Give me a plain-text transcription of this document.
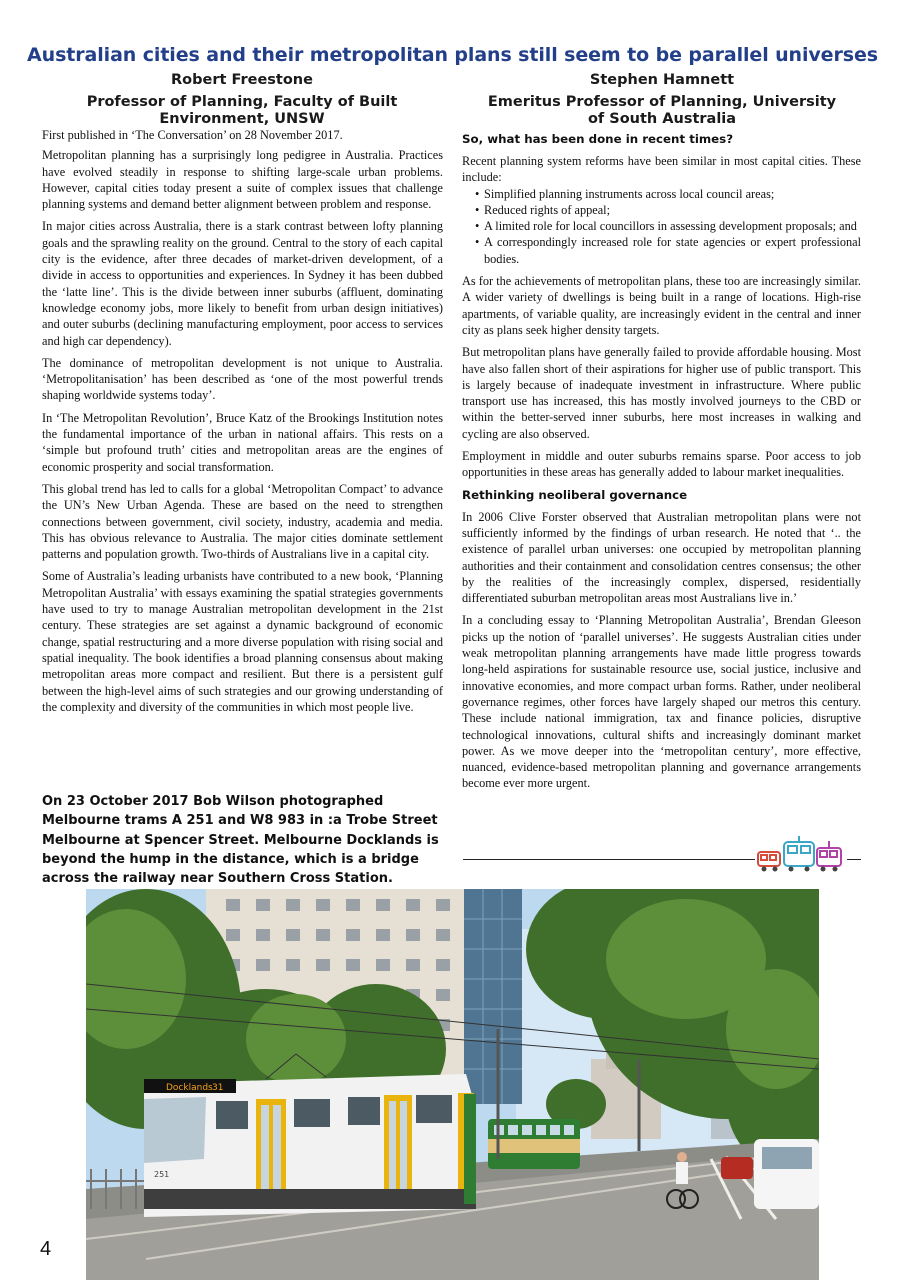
Australian cities and their metropolitan plans still seem to be parallel universes
Robert Freestone
Professor of Planning, Faculty of Built Environment, UNSW
Stephen Hamnett
Emeritus Professor of Planning, University of South Australia

First published in ‘The Conversation’ on 28 November 2017.

Metropolitan planning has a surprisingly long pedigree in Australia. Practices have evolved steadily in response to shifting large-scale urban problems. However, capital cities today present a suite of complex issues that challenge planning systems and demand better alignment between problem and response.

In major cities across Australia, there is a stark contrast between lofty planning goals and the sprawling reality on the ground. Central to the story of each capital city is the evidence, after three decades of market-driven development, of a divide in access to opportunities and experiences. In Sydney it has been dubbed the ‘latte line’. This is the divide between inner suburbs (affluent, dominating knowledge economy jobs, more likely to benefit from urban design initiatives) and outer suburbs (declining manufacturing employment, poor access to services and high car dependency).

The dominance of metropolitan development is not unique to Australia. ‘Metropolitanisation’ has been described as ‘one of the most powerful trends shaping worldwide systems today’.

In ‘The Metropolitan Revolution’, Bruce Katz of the Brookings Institution notes the fundamental importance of the urban in national affairs. This rests on a ‘simple but profound truth’ cities and metropolitan areas are the engines of economic prosperity and social transformation.

This global trend has led to calls for a global ‘Metropolitan Compact’ to advance the UN’s New Urban Agenda. These are based on the need to strengthen connections between government, civil society, industry, academia and media. This has obvious relevance to Australia. The major cities dominate settlement patterns and population growth. Two-thirds of Australians live in a capital city.

Some of Australia’s leading urbanists have contributed to a new book, ‘Planning Metropolitan Australia’ with essays examining the spatial strategies governments have used to try to manage Australian metropolitan development in the 21st century. These strategies are set against a dynamic background of economic change, spatial restructuring and a more diverse population with rising social and spatial inequality. The book identifies a broad planning consensus about making metropolitan areas more compact and resilient. But there is a persistent gulf between the high-level aims of such strategies and our growing understanding of the complexity and diversity of the communities in which most people live.

On 23 October 2017 Bob Wilson photographed Melbourne trams A 251 and W8 983 in :a Trobe Street Melbourne at Spencer Street. Melbourne Docklands is beyond the hump in the distance, which is a bridge across the railway near Southern Cross Station.

So, what has been done in recent times?

Recent planning system reforms have been similar in most capital cities. These include:

• Simplified planning instruments across local council areas;
• Reduced rights of appeal;
• A limited role for local councillors in assessing development proposals; and
• A correspondingly increased role for state agencies or expert professional bodies.

As for the achievements of metropolitan plans, these too are increasingly similar. A wider variety of dwellings is being built in a range of locations. High-rise apartments, of variable quality, are increasingly evident in the central and inner city as plans seek higher density targets.

But metropolitan plans have generally failed to provide affordable housing. Most have also fallen short of their aspirations for higher use of public transport. This is largely because of inadequate investment in infrastructure. Where public transport use has increased, this has mostly involved journeys to the CBD or within the better-served inner suburbs, here most increases in walking and cycling are also observed.

Employment in middle and outer suburbs remains sparse. Poor access to job opportunities in these areas has generally added to labour market inequalities.

Rethinking neoliberal governance

In 2006 Clive Forster observed that Australian metropolitan plans were not sufficiently informed by the findings of urban research. He noted that ‘.. the existence of parallel urban universes: one occupied by metropolitan planning authorities and their containment and consolidation centres consensus; the other by the realities of the increasingly complex, dispersed, residentially differentiated suburban metropolitan areas most Australians live in.’

In a concluding essay to ‘Planning Metropolitan Australia’, Brendan Gleeson picks up the notion of ‘parallel universes’. He suggests Australian cities under weak metropolitan planning arrangements have made little progress towards long-held aspirations for sustainable resource use, social justice, inclusive and innovative economies, and more compact urban forms. Rather, under neoliberal governance regimes, other forces have largely shaped our metros this century. These include national immigration, tax and finance policies, disruptive technological innovations, cultural shifts and increasingly dominant market power. As we move deeper into the ‘metropolitan century’, more effective, nuanced, evidence-based metropolitan planning and governance arrangements become ever more urgent.

Docklands 31
251
4
